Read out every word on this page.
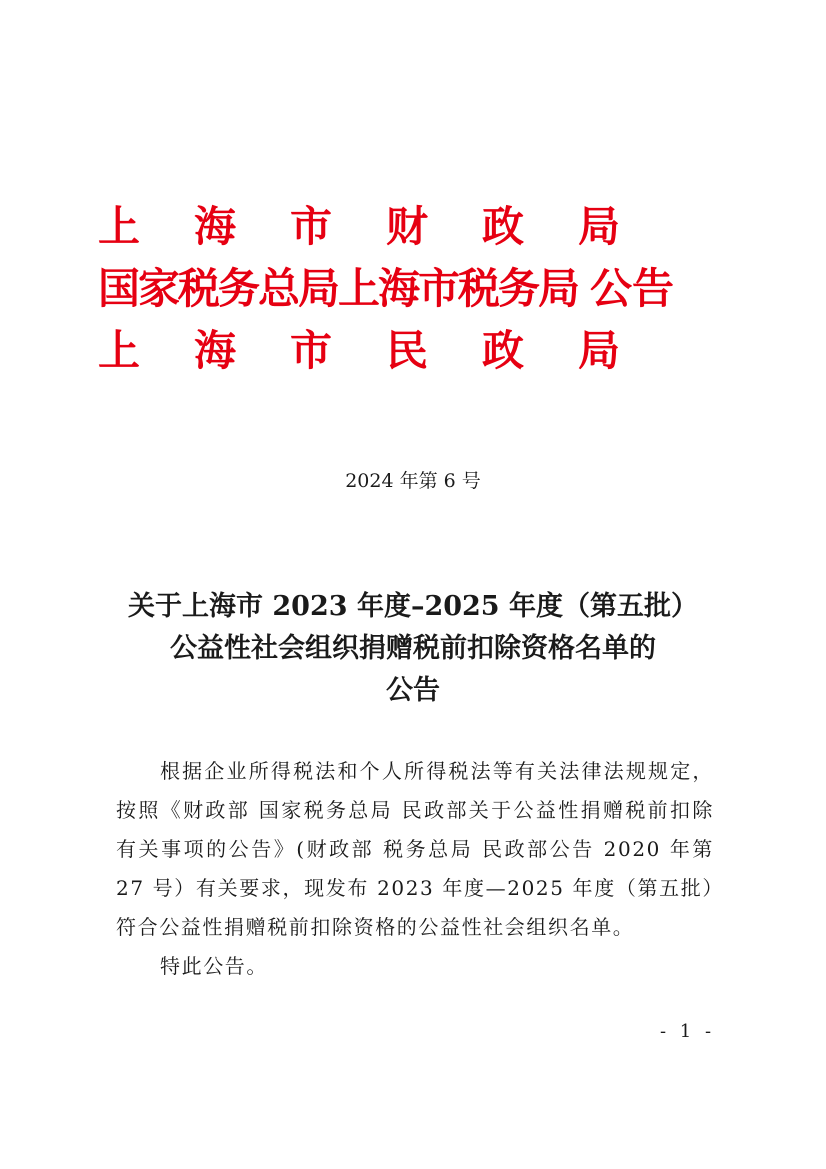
上 海 市 财 政 局
国家税务总局上海市税务局 公告
上 海 市 民 政 局
2024 年第 6 号
关于上海市 2023 年度–2025 年度（第五批）
公益性社会组织捐赠税前扣除资格名单的
公告

根据企业所得税法和个人所得税法等有关法律法规规定，按照《财政部 国家税务总局 民政部关于公益性捐赠税前扣除有关事项的公告》(财政部 税务总局 民政部公告 2020 年第 27 号）有关要求，现发布 2023 年度—2025 年度（第五批）符合公益性捐赠税前扣除资格的公益性社会组织名单。

特此公告。

- 1 -
